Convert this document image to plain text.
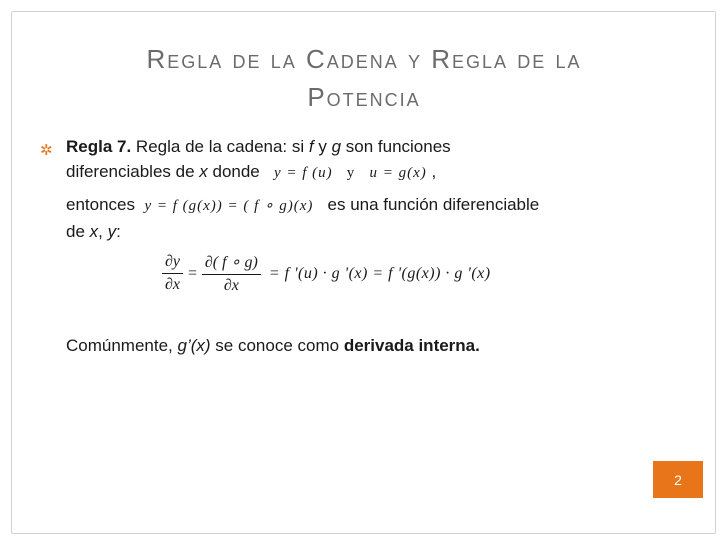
Regla de la Cadena y Regla de la
Potencia
✲ Regla 7. Regla de la cadena: si f y g son funciones
diferenciables de x donde y = f (u) y u = g(x) ,
entonces y = f (g(x)) = ( f ∘ g)(x) es una función diferenciable
de x, y:
$\frac{\partial y}{\partial x} = \frac{\partial( f \circ g)}{\partial x} = f$ '(u) · g '(x) = f '(g(x)) · g '(x)
Comúnmente, g’(x) se conoce como derivada interna.
2
